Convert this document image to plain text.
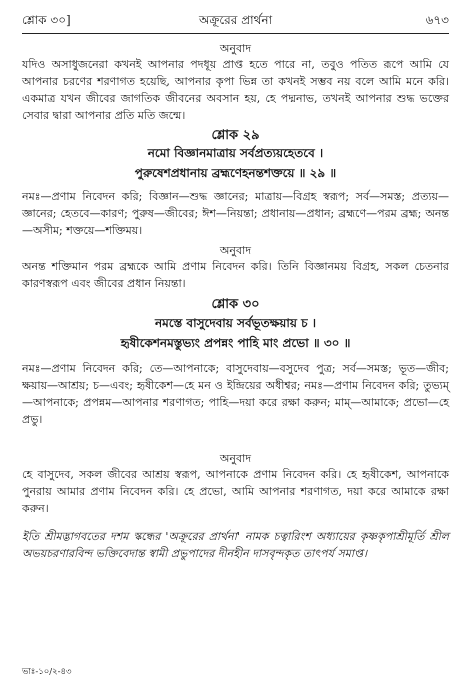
শ্লোক ৩০]	অক্রূরের প্রার্থনা	৬৭৩
অনুবাদ
যদিও অসাধুজনেরা কখনই আপনার পদধূয় প্রাপ্ত হতে পারে না, তবুও পতিত রূপে আমি যে আপনার চরণের শরণাগত হয়েছি, আপনার কৃপা ভিন্ন তা কখনই সম্ভব নয় বলে আমি মনে করি। একমাত্র যখন জীবের জাগতিক জীবনের অবসান হয়, হে পদ্মনাভ, তখনই আপনার শুদ্ধ ভক্তের সেবার দ্বারা আপনার প্রতি মতি জন্মে।
শ্লোক ২৯
নমো বিজ্ঞানমাত্রায় সর্বপ্রত্যয়হেতবে ।
পুরুষেশপ্রধানায় ব্রহ্মণেহনন্তশক্তয়ে ॥ ২৯ ॥
নমঃ—প্রণাম নিবেদন করি; বিজ্ঞান—শুদ্ধ জ্ঞানের; মাত্রায়—বিগ্রহ স্বরূপ; সর্ব—সমস্ত; প্রত্যয়—জ্ঞানের; হেতবে—কারণ; পুরুষ—জীবের; ঈশ—নিয়ন্তা; প্রধানায়—প্রধান; ব্রহ্মণে—পরম ব্রহ্ম; অনন্ত—অসীম; শক্তয়ে—শক্তিময়।
অনুবাদ
অনন্ত শক্তিমান পরম ব্রহ্মকে আমি প্রণাম নিবেদন করি। তিনি বিজ্ঞানময় বিগ্রহ, সকল চেতনার কারণস্বরূপ এবং জীবের প্রধান নিয়ন্তা।
শ্লোক ৩০
নমস্তে বাসুদেবায় সর্বভূতক্ষয়ায় চ ।
হৃষীকেশনমস্তুভ্যং প্রপন্নং পাহি মাং প্রভো ॥ ৩০ ॥
নমঃ—প্রণাম নিবেদন করি; তে—আপনাকে; বাসুদেবায়—বসুদেব পুত্র; সর্ব—সমস্ত; ভূত—জীব; ক্ষয়ায়—আশ্রয়; চ—এবং; হৃষীকেশ—হে মন ও ইন্দ্রিয়ের অধীশ্বর; নমঃ—প্রণাম নিবেদন করি; তুভ্যম্—আপনাকে; প্রপন্নম—আপনার শরণাগত; পাহি—দয়া করে রক্ষা করুন; মাম্—আমাকে; প্রভো—হে প্রভু।
অনুবাদ
হে বাসুদেব, সকল জীবের আশ্রয় স্বরূপ, আপনাকে প্রণাম নিবেদন করি। হে হৃষীকেশ, আপনাকে পুনরায় আমার প্রণাম নিবেদন করি। হে প্রভো, আমি আপনার শরণাগত, দয়া করে আমাকে রক্ষা করুন।
ইতি শ্রীমদ্ভাগবতের দশম স্কন্ধের 'অক্রূরের প্রার্থনা' নামক চত্বারিংশ অধ্যায়ের কৃষ্ণকৃপাশ্রীমূর্তি শ্রীল অভয়চরণারবিন্দ ভক্তিবেদান্ত স্বামী প্রভুপাদের দীনহীন দাসবৃন্দকৃত তাৎপর্য সমাপ্ত।
ভাঃ-১০/২-৪৩
